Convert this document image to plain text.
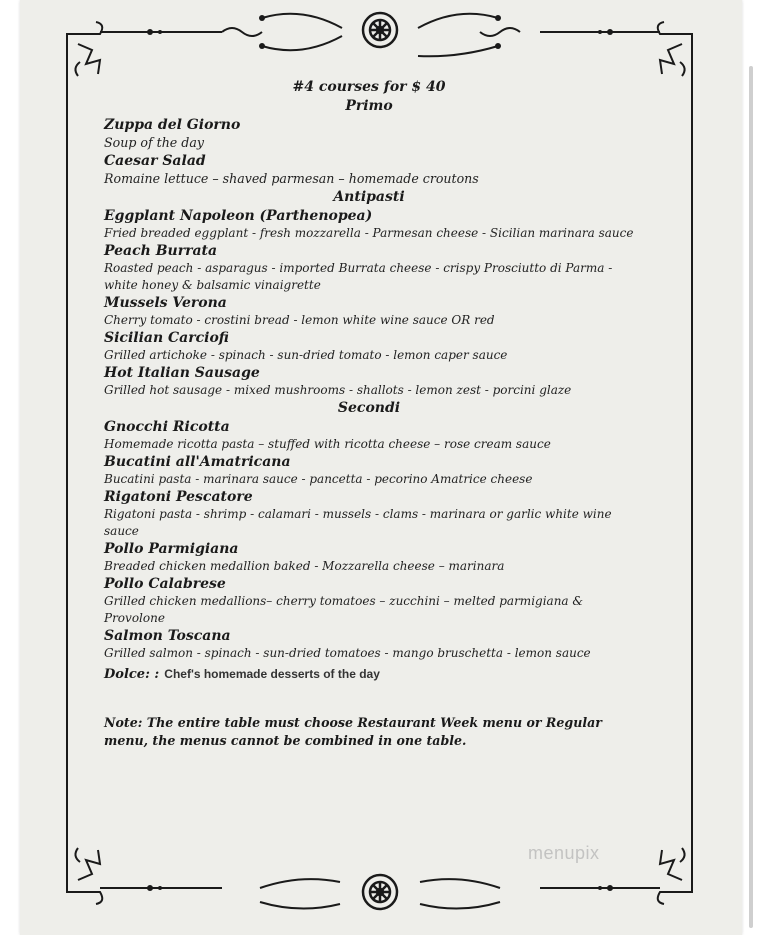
#4 courses for $ 40

Primo

Zuppa del Giorno

Soup of the day

Caesar Salad

Romaine lettuce – shaved parmesan – homemade croutons

Antipasti

Eggplant Napoleon (Parthenopea)

Fried breaded eggplant - fresh mozzarella - Parmesan cheese - Sicilian marinara sauce

Peach Burrata

Roasted peach - asparagus - imported Burrata cheese - crispy Prosciutto di Parma - white honey & balsamic vinaigrette

Mussels Verona

Cherry tomato - crostini bread - lemon white wine sauce OR red

Sicilian Carciofi

Grilled artichoke - spinach - sun-dried tomato - lemon caper sauce

Hot Italian Sausage

Grilled hot sausage - mixed mushrooms - shallots - lemon zest - porcini glaze

Secondi

Gnocchi Ricotta

Homemade ricotta pasta – stuffed with ricotta cheese – rose cream sauce

Bucatini all'Amatricana

Bucatini pasta - marinara sauce - pancetta - pecorino Amatrice cheese

Rigatoni Pescatore

Rigatoni pasta - shrimp - calamari - mussels - clams - marinara or garlic white wine sauce

Pollo Parmigiana

Breaded chicken medallion baked - Mozzarella cheese – marinara

Pollo Calabrese

Grilled chicken medallions– cherry tomatoes – zucchini – melted parmigiana & Provolone

Salmon Toscana

Grilled salmon - spinach - sun-dried tomatoes - mango bruschetta - lemon sauce

Dolce: : Chef's homemade desserts of the day

Note: The entire table must choose Restaurant Week menu or Regular menu, the menus cannot be combined in one table.

menupix
